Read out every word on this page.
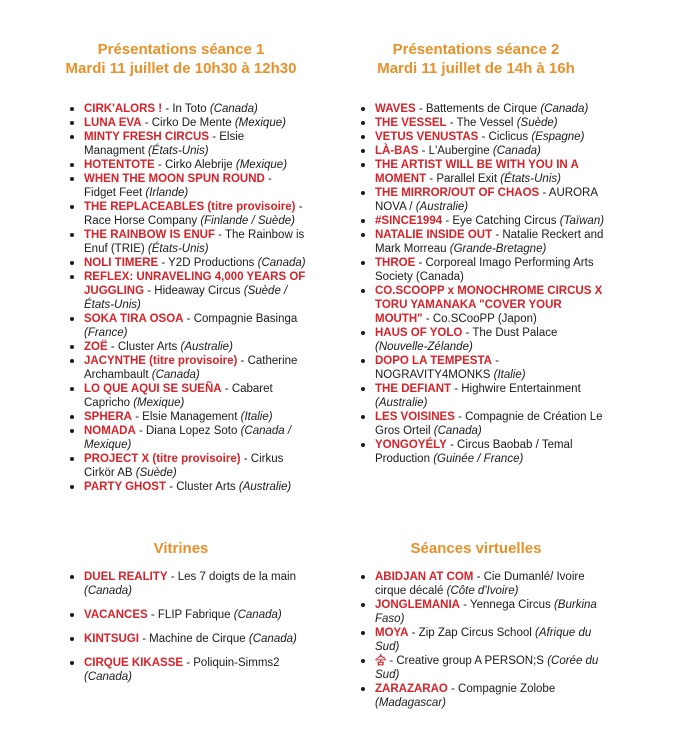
Présentations séance 1

Mardi 11 juillet de 10h30 à 12h30

CIRK'ALORS ! - In Toto (Canada)
LUNA EVA - Cirko De Mente (Mexique)
MINTY FRESH CIRCUS - Elsie Managment (États-Unis)
HOTENTOTE - Cirko Alebrije (Mexique)
WHEN THE MOON SPUN ROUND - Fidget Feet (Irlande)
THE REPLACEABLES (titre provisoire) - Race Horse Company (Finlande / Suède)
THE RAINBOW IS ENUF - The Rainbow is Enuf (TRIE) (États-Unis)
NOLI TIMERE - Y2D Productions (Canada)
REFLEX: UNRAVELING 4,000 YEARS OF JUGGLING - Hideaway Circus (Suède / États-Unis)
SOKA TIRA OSOA - Compagnie Basinga (France)
ZOË - Cluster Arts (Australie)
JACYNTHE (titre provisoire) - Catherine Archambault (Canada)
LO QUE AQUI SE SUEÑA - Cabaret Capricho (Mexique)
SPHERA - Elsie Management (Italie)
NOMADA - Diana Lopez Soto (Canada / Mexique)
PROJECT X (titre provisoire) - Cirkus Cirkör AB (Suède)
PARTY GHOST - Cluster Arts (Australie)

Présentations séance 2

Mardi 11 juillet de 14h à 16h

WAVES - Battements de Cirque (Canada)
THE VESSEL - The Vessel (Suède)
VETUS VENUSTAS - Ciclicus (Espagne)
LÀ-BAS - L'Aubergine (Canada)
THE ARTIST WILL BE WITH YOU IN A MOMENT - Parallel Exit (États-Unis)
THE MIRROR/OUT OF CHAOS - AURORA NOVA / (Australie)
#SINCE1994 - Eye Catching Circus (Taïwan)
NATALIE INSIDE OUT - Natalie Reckert and Mark Morreau (Grande-Bretagne)
THROE - Corporeal Imago Performing Arts Society (Canada)
CO.SCOOPP x MONOCHROME CIRCUS X TORU YAMANAKA "COVER YOUR MOUTH" - Co.SCooPP (Japon)
HAUS OF YOLO - The Dust Palace (Nouvelle-Zélande)
DOPO LA TEMPESTA - NOGRAVITY4MONKS (Italie)
THE DEFIANT - Highwire Entertainment (Australie)
LES VOISINES - Compagnie de Création Le Gros Orteil (Canada)
YONGOYÉLY - Circus Baobab / Temal Production (Guinée / France)

Vitrines

DUEL REALITY - Les 7 doigts de la main (Canada)
VACANCES - FLIP Fabrique (Canada)
KINTSUGI - Machine de Cirque (Canada)
CIRQUE KIKASSE - Poliquin-Simms2 (Canada)

Séances virtuelles

ABIDJAN AT COM - Cie Dumanlé/ Ivoire cirque décalé (Côte d'Ivoire)
JONGLEMANIA - Yennega Circus (Burkina Faso)
MOYA - Zip Zap Circus School (Afrique du Sud)
숨 - Creative group A PERSON;S (Corée du Sud)
ZARAZARAO - Compagnie Zolobe (Madagascar)
